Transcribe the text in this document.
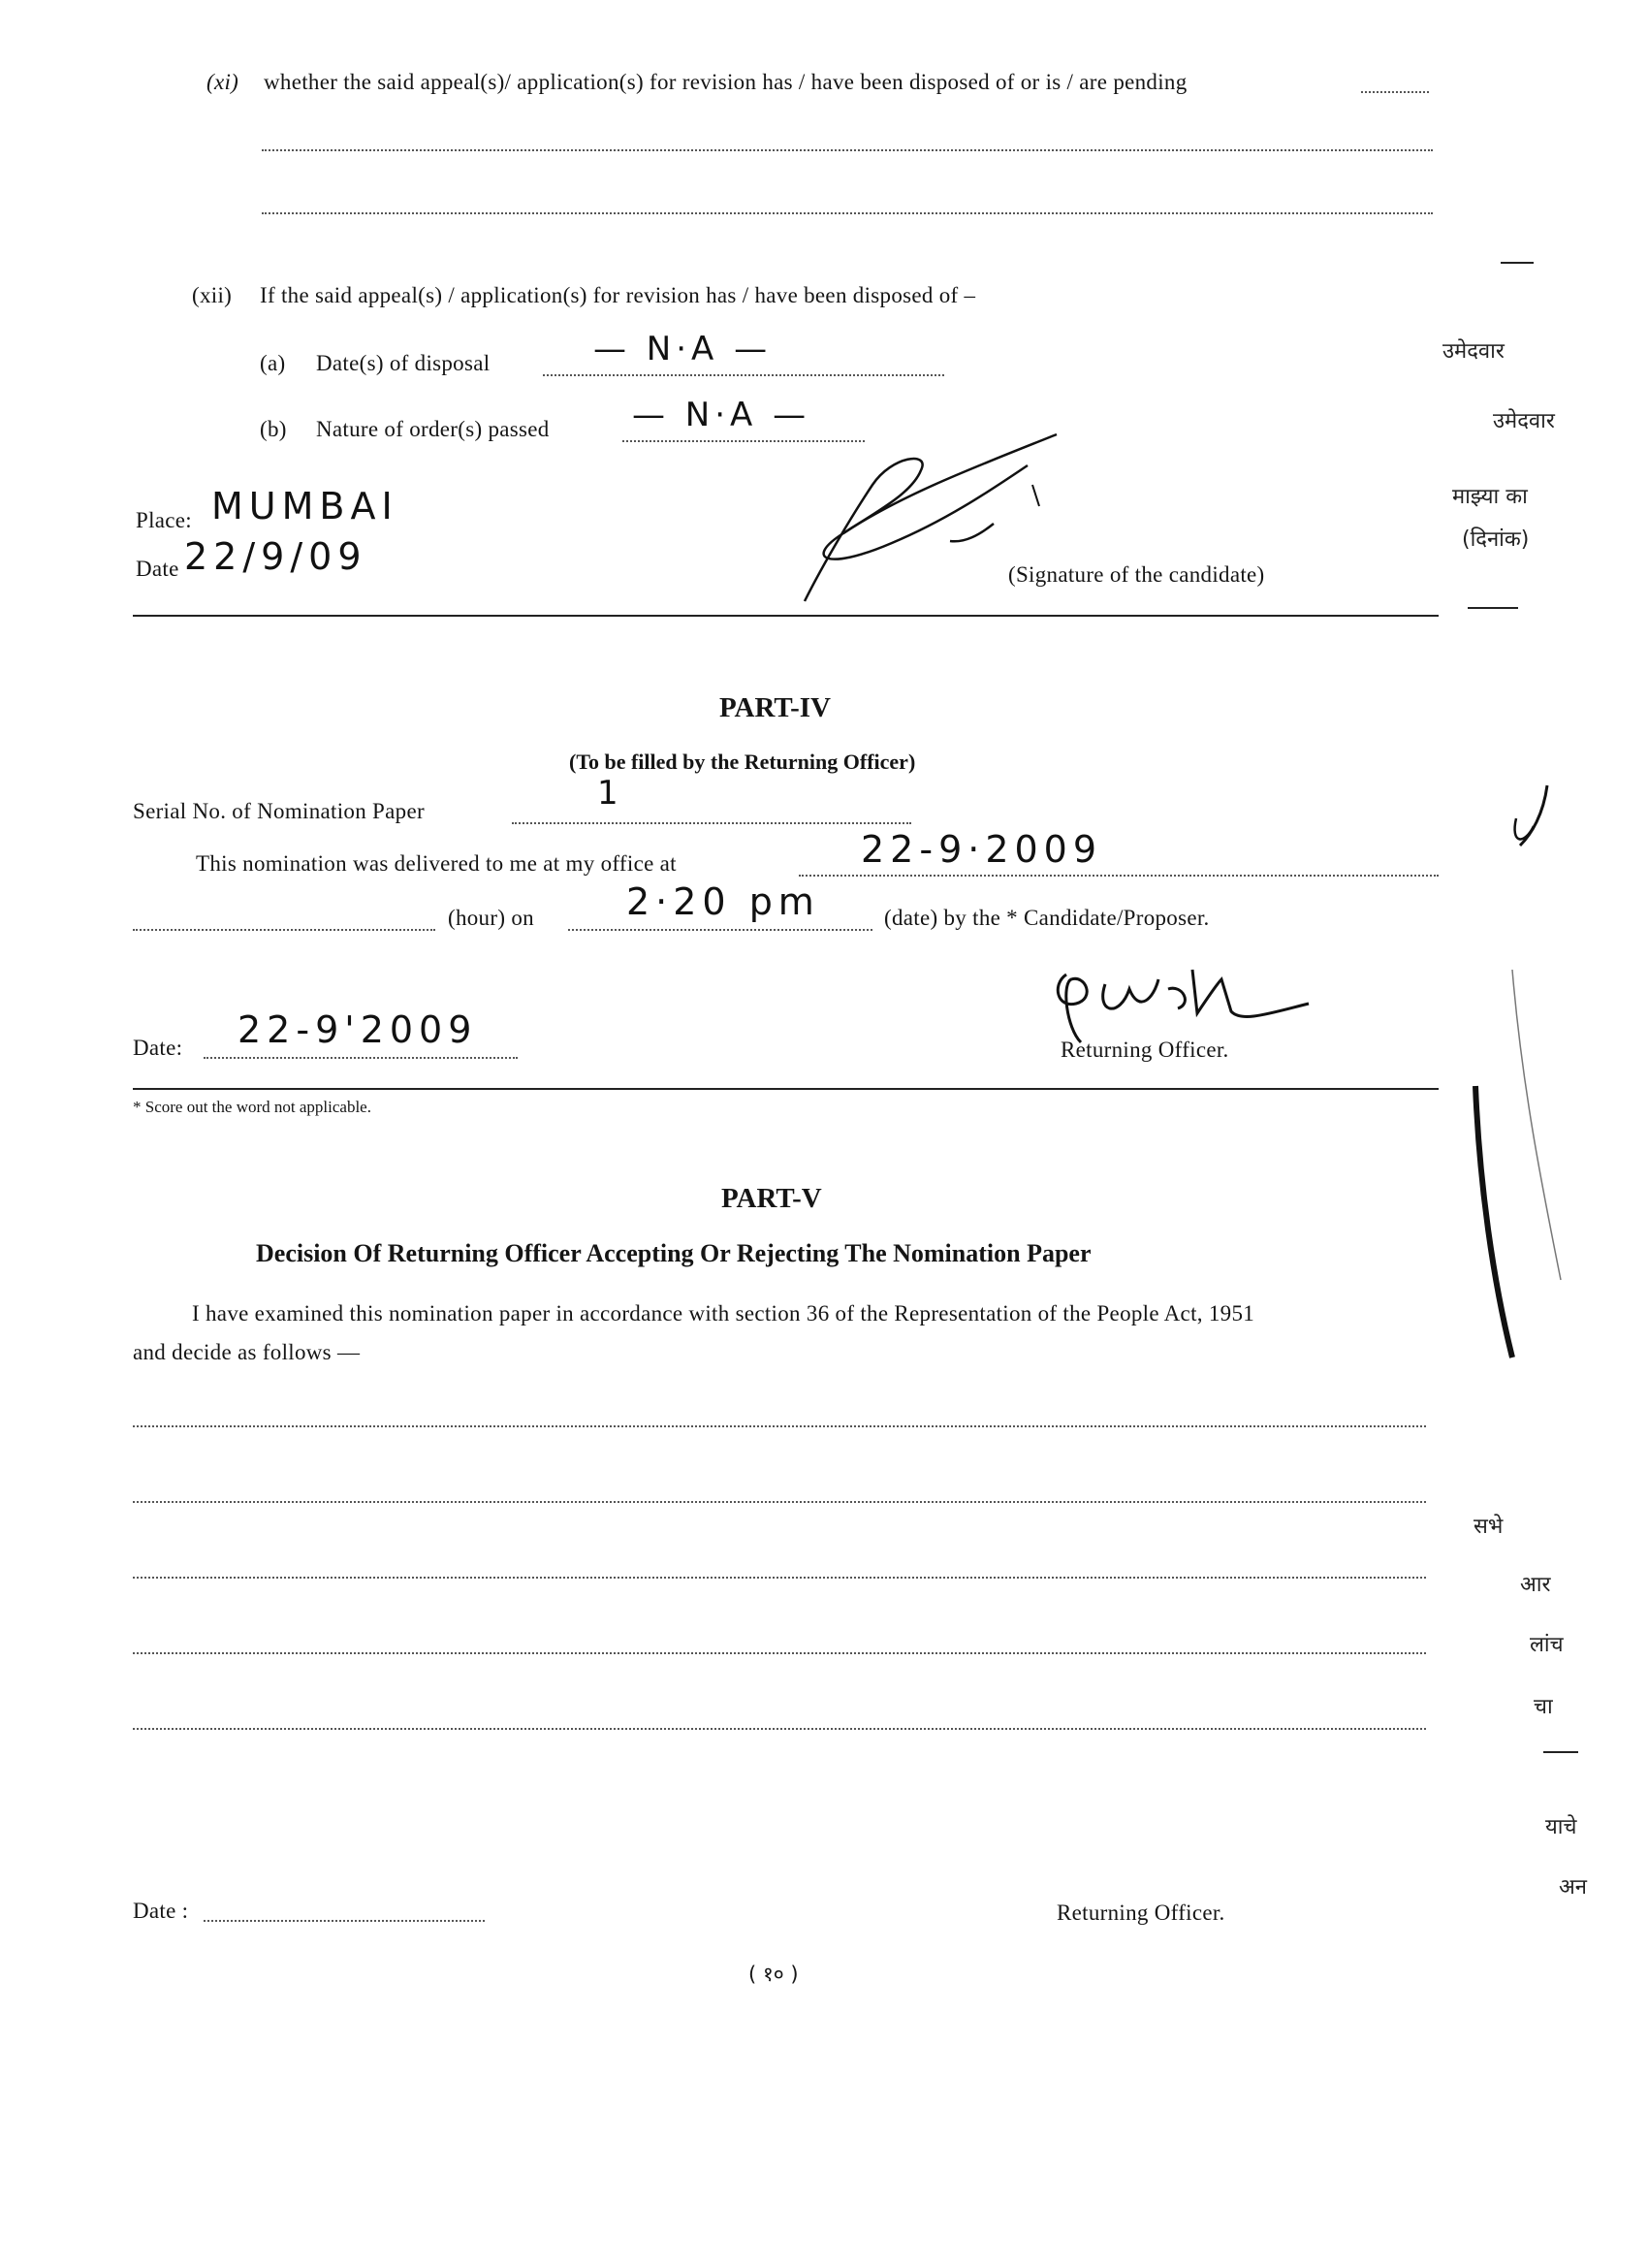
(xi) whether the said appeal(s)/ application(s) for revision has / have been disposed of or is / are pending
(xii) If the said appeal(s) / application(s) for revision has / have been disposed of –
(a) Date(s) of disposal	— N·A —
(b) Nature of order(s) passed	— N·A —
Place: MUMBAI
Date 22/9/09	(Signature of the candidate)
PART-IV
(To be filled by the Returning Officer)
Serial No. of Nomination Paper	1
This nomination was delivered to me at my office at	22-9·2009
(hour) on	2·20 pm	(date) by the * Candidate/Proposer.
Date: 22-9'2009	Returning Officer.
* Score out the word not applicable.
PART-V
Decision Of Returning Officer Accepting Or Rejecting The Nomination Paper
I have examined this nomination paper in accordance with section 36 of the Representation of the People Act, 1951
and decide as follows —
Date :	Returning Officer.
( १० )
उमेदवार
उमेदवार
माझ्या का
(दिनांक)
सभे
आर
लांच
चा
याचे
अन
